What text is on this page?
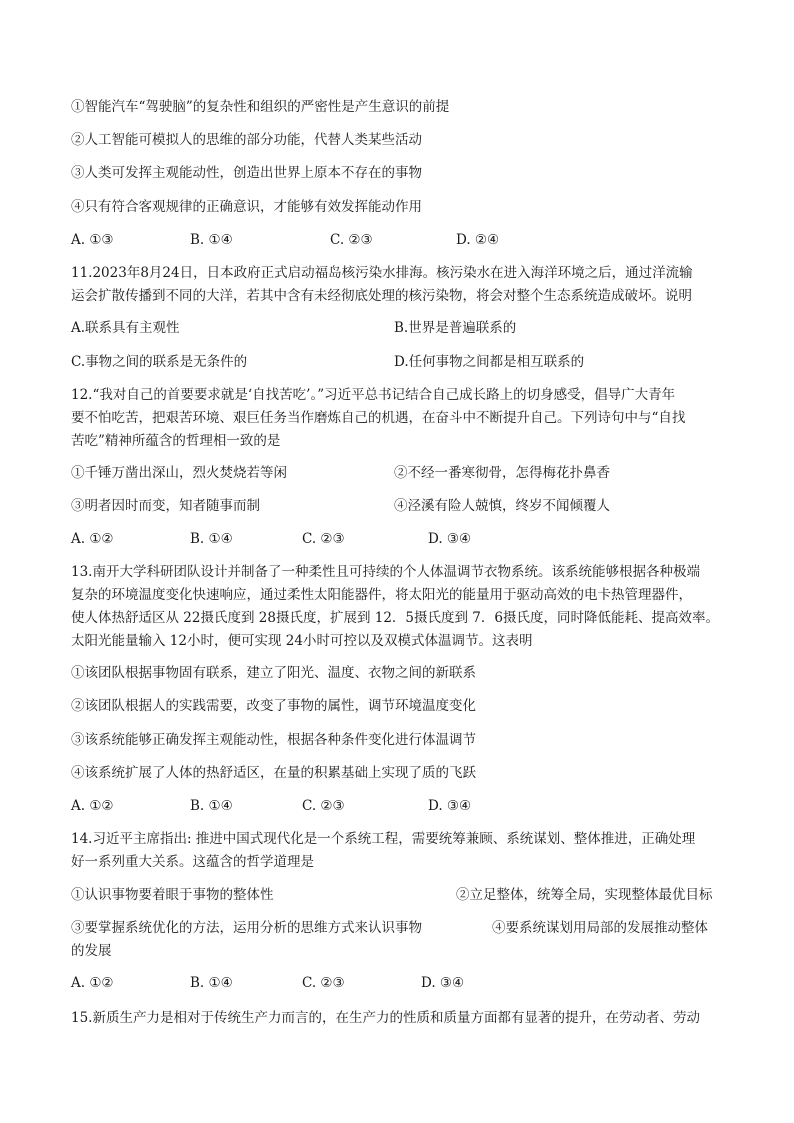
①智能汽车“驾驶脑”的复杂性和组织的严密性是产生意识的前提
②人工智能可模拟人的思维的部分功能，代替人类某些活动
③人类可发挥主观能动性，创造出世界上原本不存在的事物
④只有符合客观规律的正确意识，才能够有效发挥能动作用
A. ①③	B. ①④	C. ②③	D. ②④
11.2023年8月24日，日本政府正式启动福岛核污染水排海。核污染水在进入海洋环境之后，通过洋流输
运会扩散传播到不同的大洋，若其中含有未经彻底处理的核污染物，将会对整个生态系统造成破坏。说明
A.联系具有主观性	B.世界是普遍联系的
C.事物之间的联系是无条件的	D.任何事物之间都是相互联系的
12.“我对自己的首要要求就是‘自找苦吃’。”习近平总书记结合自己成长路上的切身感受，倡导广大青年
要不怕吃苦，把艰苦环境、艰巨任务当作磨炼自己的机遇，在奋斗中不断提升自己。下列诗句中与“自找
苦吃”精神所蕴含的哲理相一致的是
①千锤万凿出深山，烈火焚烧若等闲	②不经一番寒彻骨，怎得梅花扑鼻香
③明者因时而变，知者随事而制	④泾溪有险人兢慎，终岁不闻倾覆人
A. ①②	B. ①④	C. ②③	D. ③④
13.南开大学科研团队设计并制备了一种柔性且可持续的个人体温调节衣物系统。该系统能够根据各种极端
复杂的环境温度变化快速响应，通过柔性太阳能器件，将太阳光的能量用于驱动高效的电卡热管理器件，
使人体热舒适区从 22摄氏度到 28摄氏度，扩展到 12．5摄氏度到 7．6摄氏度，同时降低能耗、提高效率。
太阳光能量输入 12小时，便可实现 24小时可控以及双模式体温调节。这表明
①该团队根据事物固有联系，建立了阳光、温度、衣物之间的新联系
②该团队根据人的实践需要，改变了事物的属性，调节环境温度变化
③该系统能够正确发挥主观能动性，根据各种条件变化进行体温调节
④该系统扩展了人体的热舒适区，在量的积累基础上实现了质的飞跃
A. ①②	B. ①④	C. ②③	D. ③④
14.习近平主席指出: 推进中国式现代化是一个系统工程，需要统筹兼顾、系统谋划、整体推进，正确处理
好一系列重大关系。这蕴含的哲学道理是
①认识事物要着眼于事物的整体性	②立足整体，统筹全局，实现整体最优目标
③要掌握系统优化的方法，运用分析的思维方式来认识事物	④要系统谋划用局部的发展推动整体
的发展
A. ①②	B. ①④	C. ②③	D. ③④
15.新质生产力是相对于传统生产力而言的，在生产力的性质和质量方面都有显著的提升，在劳动者、劳动
